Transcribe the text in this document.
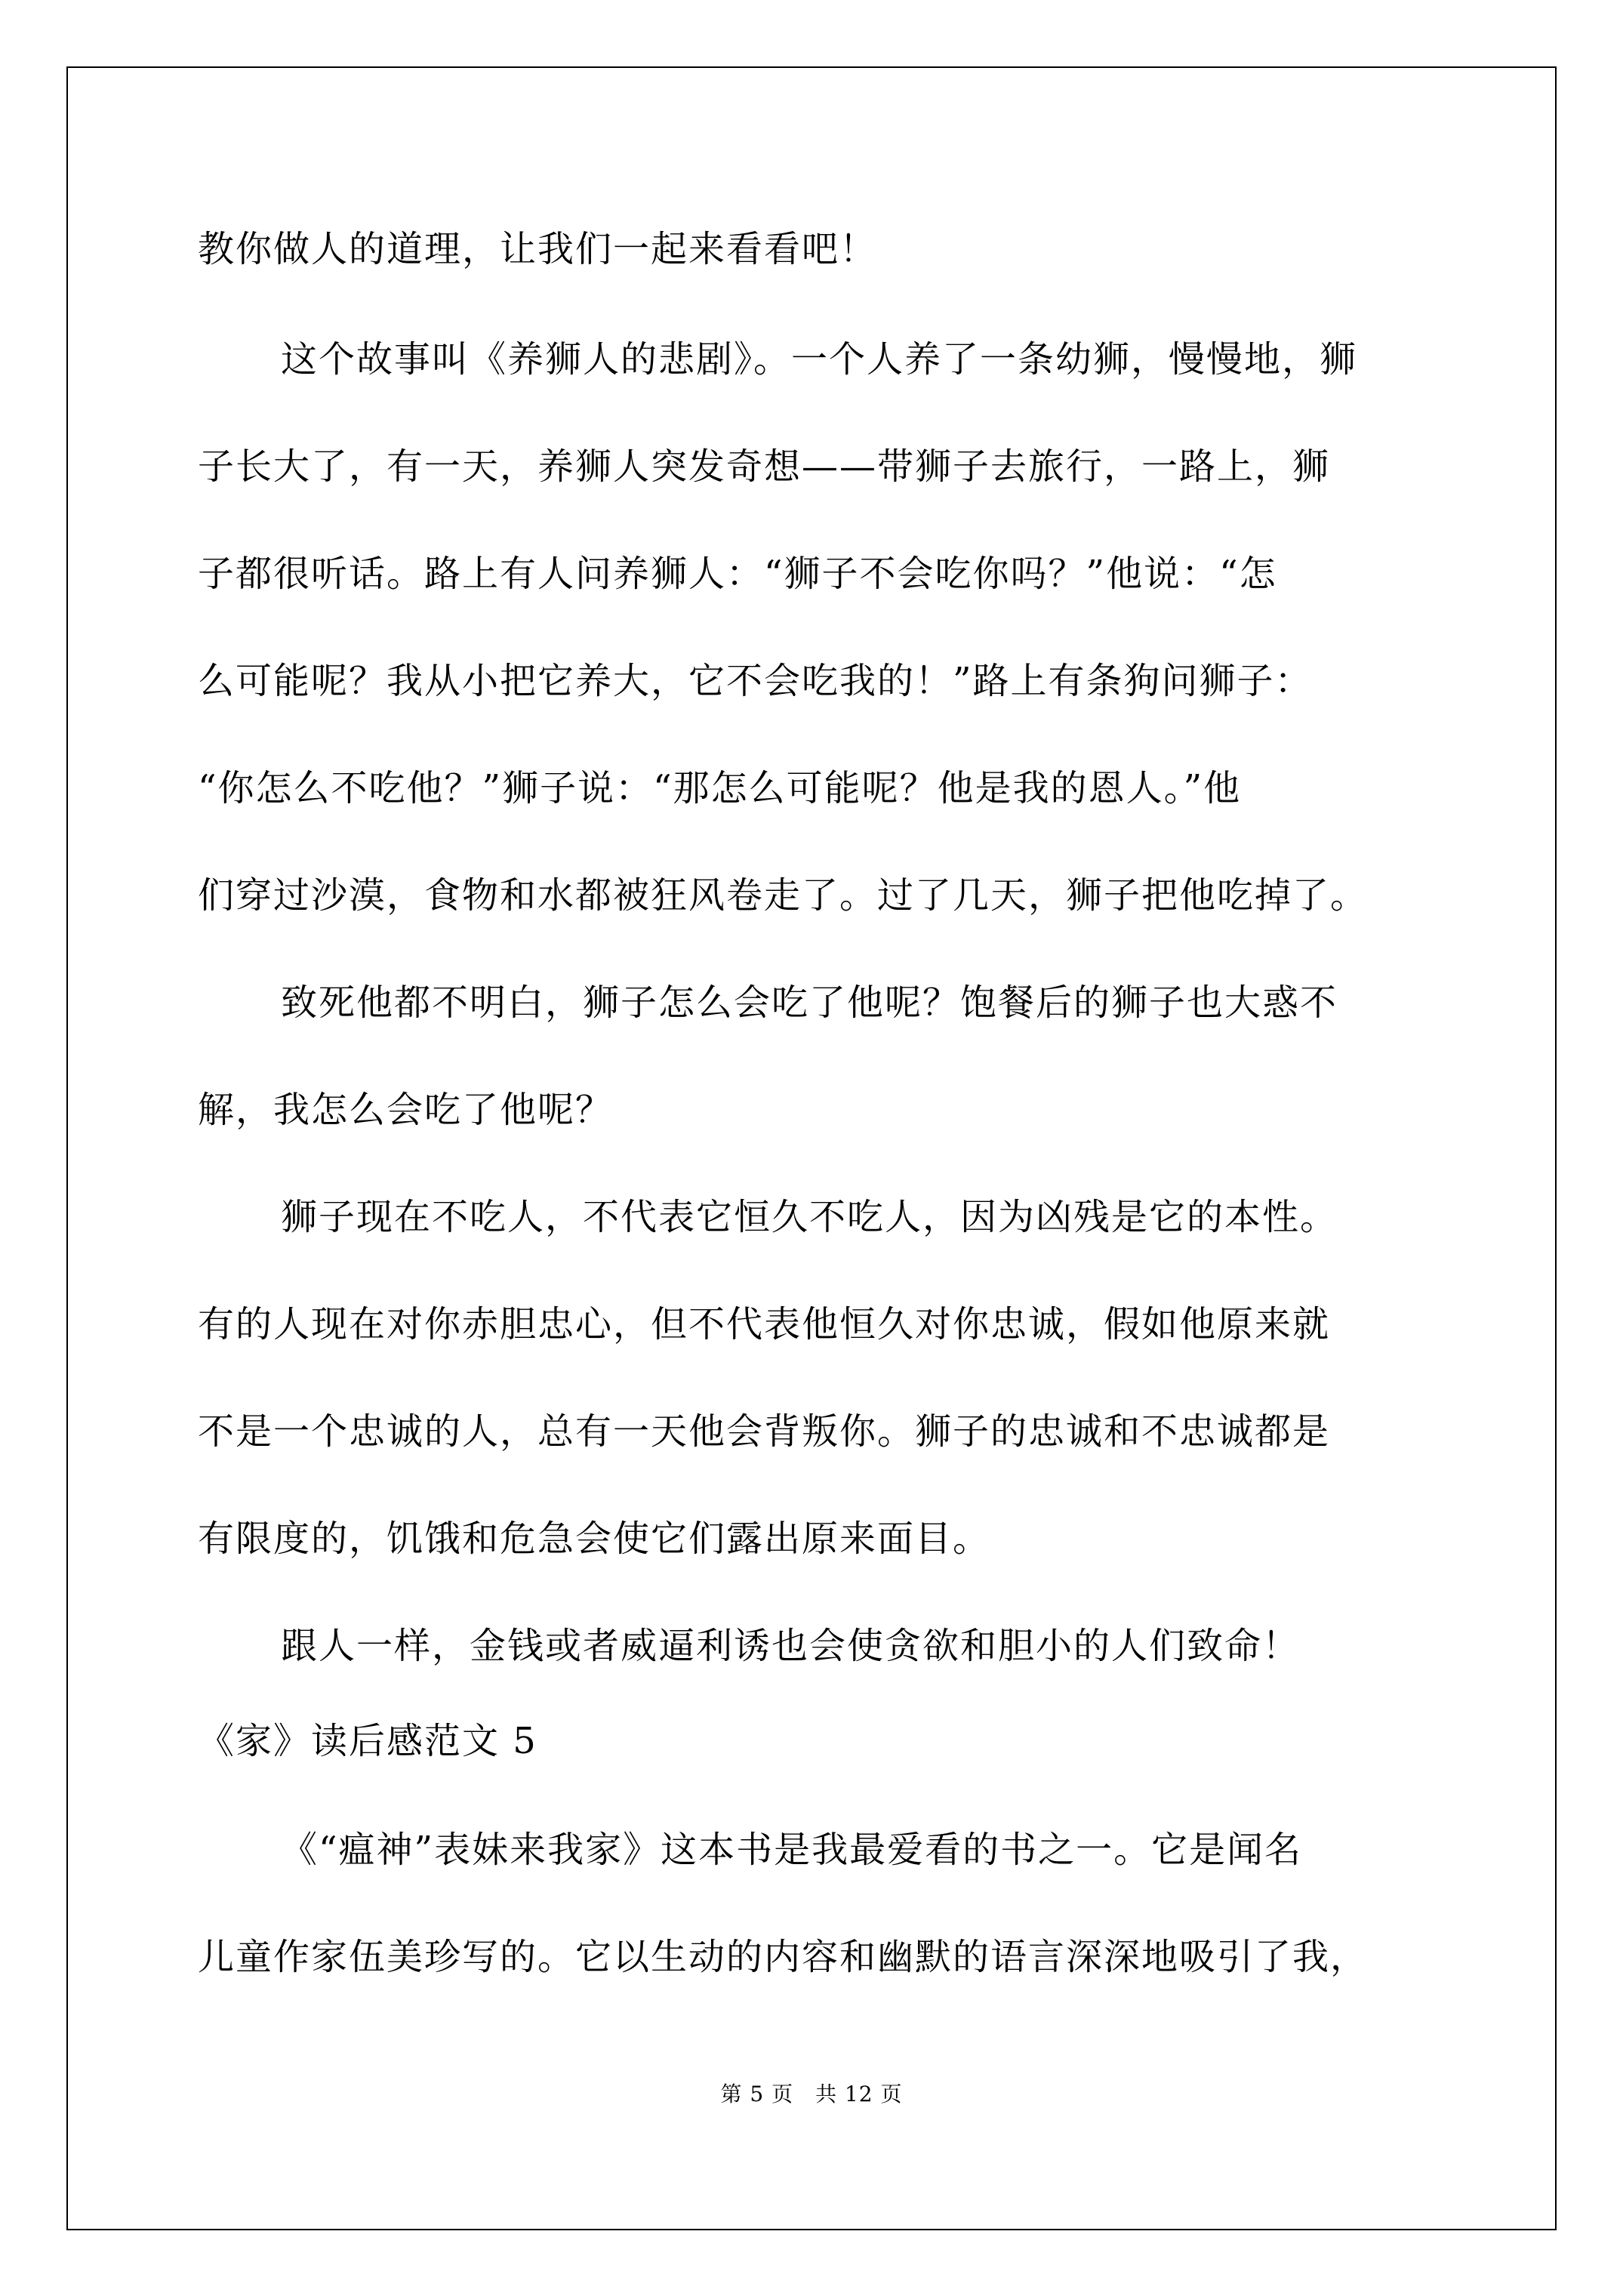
教你做人的道理，让我们一起来看看吧！
这个故事叫《养狮人的悲剧》。一个人养了一条幼狮，慢慢地，狮
子长大了，有一天，养狮人突发奇想——带狮子去旅行，一路上，狮
子都很听话。路上有人问养狮人：“狮子不会吃你吗？”他说：“怎
么可能呢？我从小把它养大，它不会吃我的！”路上有条狗问狮子：
“你怎么不吃他？”狮子说：“那怎么可能呢？他是我的恩人。”他
们穿过沙漠，食物和水都被狂风卷走了。过了几天，狮子把他吃掉了。
致死他都不明白，狮子怎么会吃了他呢？饱餐后的狮子也大惑不
解，我怎么会吃了他呢？
狮子现在不吃人，不代表它恒久不吃人，因为凶残是它的本性。
有的人现在对你赤胆忠心，但不代表他恒久对你忠诚，假如他原来就
不是一个忠诚的人，总有一天他会背叛你。狮子的忠诚和不忠诚都是
有限度的，饥饿和危急会使它们露出原来面目。
跟人一样，金钱或者威逼利诱也会使贪欲和胆小的人们致命！
《家》读后感范文 5
《“瘟神”表妹来我家》这本书是我最爱看的书之一。它是闻名
儿童作家伍美珍写的。它以生动的内容和幽默的语言深深地吸引了我，
第 5 页　共 12 页
